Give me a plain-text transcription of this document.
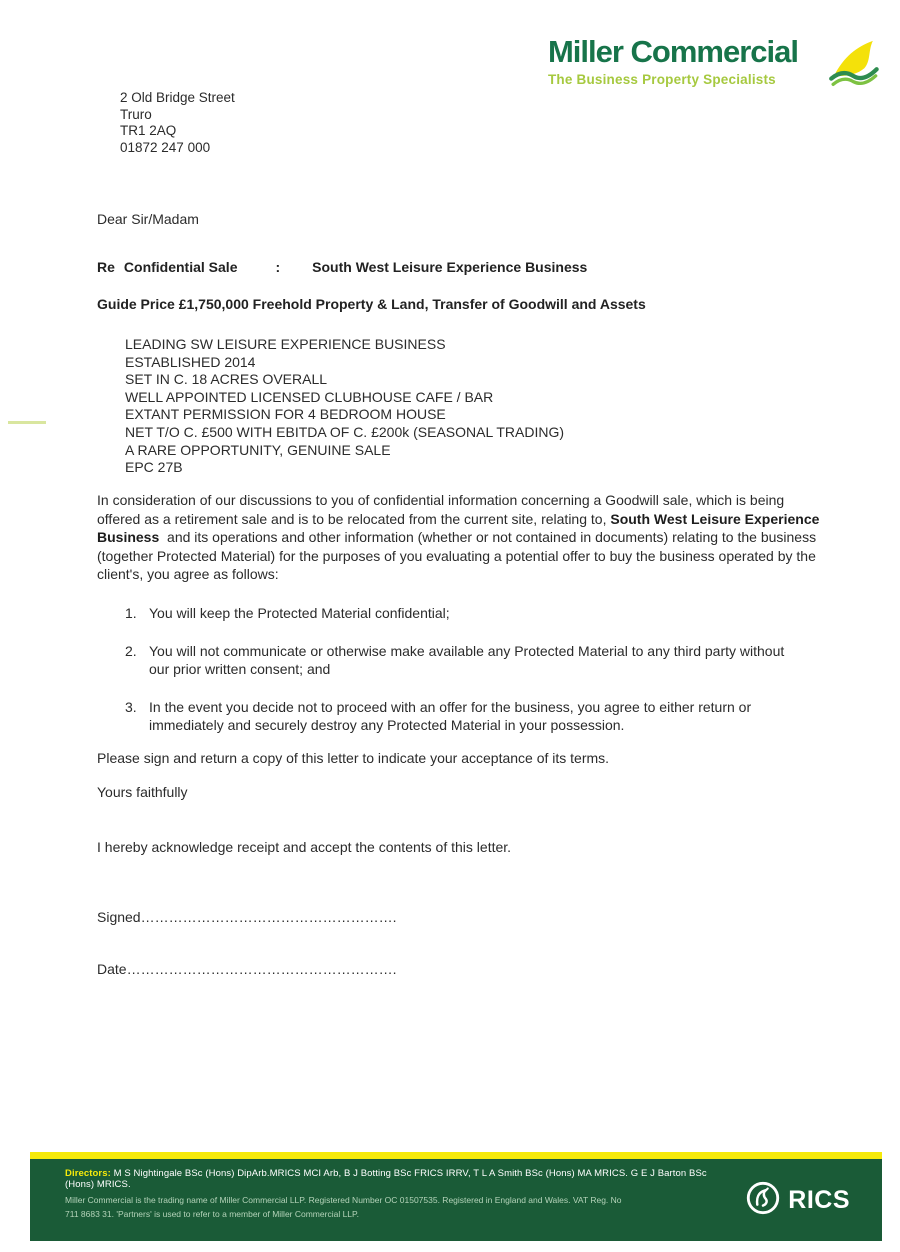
Miller Commercial
The Business Property Specialists
2 Old Bridge Street
Truro
TR1 2AQ
01872 247 000
Dear Sir/Madam
Re Confidential Sale	: South West Leisure Experience Business
Guide Price £1,750,000 Freehold Property & Land, Transfer of Goodwill and Assets
LEADING SW LEISURE EXPERIENCE BUSINESS
ESTABLISHED 2014
SET IN C. 18 ACRES OVERALL
WELL APPOINTED LICENSED CLUBHOUSE CAFE / BAR
EXTANT PERMISSION FOR 4 BEDROOM HOUSE
NET T/O C. £500 WITH EBITDA OF C. £200k (SEASONAL TRADING)
A RARE OPPORTUNITY, GENUINE SALE
EPC 27B
In consideration of our discussions to you of confidential information concerning a Goodwill sale, which is being offered as a retirement sale and is to be relocated from the current site, relating to, South West Leisure Experience Business  and its operations and other information (whether or not contained in documents) relating to the business (together Protected Material) for the purposes of you evaluating a potential offer to buy the business operated by the client's, you agree as follows:
1. You will keep the Protected Material confidential;
2. You will not communicate or otherwise make available any Protected Material to any third party without our prior written consent; and
3. In the event you decide not to proceed with an offer for the business, you agree to either return or immediately and securely destroy any Protected Material in your possession.
Please sign and return a copy of this letter to indicate your acceptance of its terms.
Yours faithfully
I hereby acknowledge receipt and accept the contents of this letter.
Signed……………………………………………….
Date………………………………………………….
Directors: M S Nightingale BSc (Hons) DipArb.MRICS MCI Arb, B J Botting BSc FRICS IRRV, T L A Smith BSc (Hons) MA MRICS. G E J Barton BSc (Hons) MRICS.
Miller Commercial is the trading name of Miller Commercial LLP. Registered Number OC 01507535. Registered in England and Wales. VAT Reg. No
711 8683 31. 'Partners' is used to refer to a member of Miller Commercial LLP.	RICS
